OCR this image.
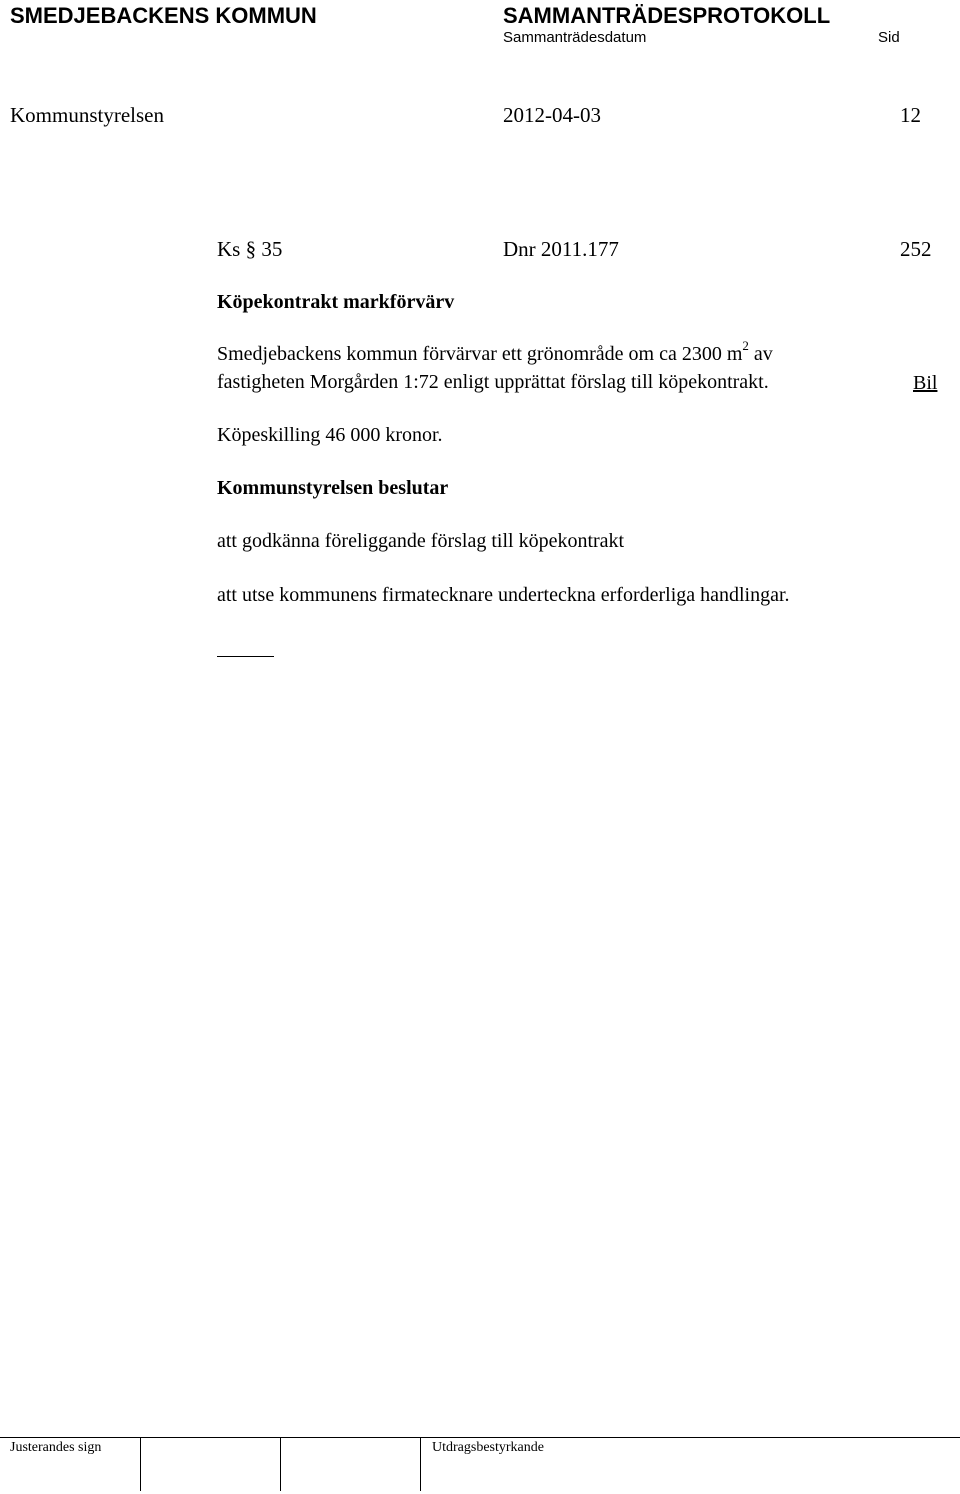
SMEDJEBACKENS KOMMUN	SAMMANTRÄDESPROTOKOLL
Sammanträdesdatum	Sid
Kommunstyrelsen	2012-04-03	12
Ks § 35	Dnr 2011.177	252
Köpekontrakt markförvärv
Smedjebackens kommun förvärvar ett grönområde om ca 2300 $m^2$ av
fastigheten Morgården 1:72 enligt upprättat förslag till köpekontrakt.	Bil
Köpeskilling 46 000 kronor.
Kommunstyrelsen beslutar
att godkänna föreliggande förslag till köpekontrakt
att utse kommunens firmatecknare underteckna erforderliga handlingar.
Justerandes sign	Utdragsbestyrkande
